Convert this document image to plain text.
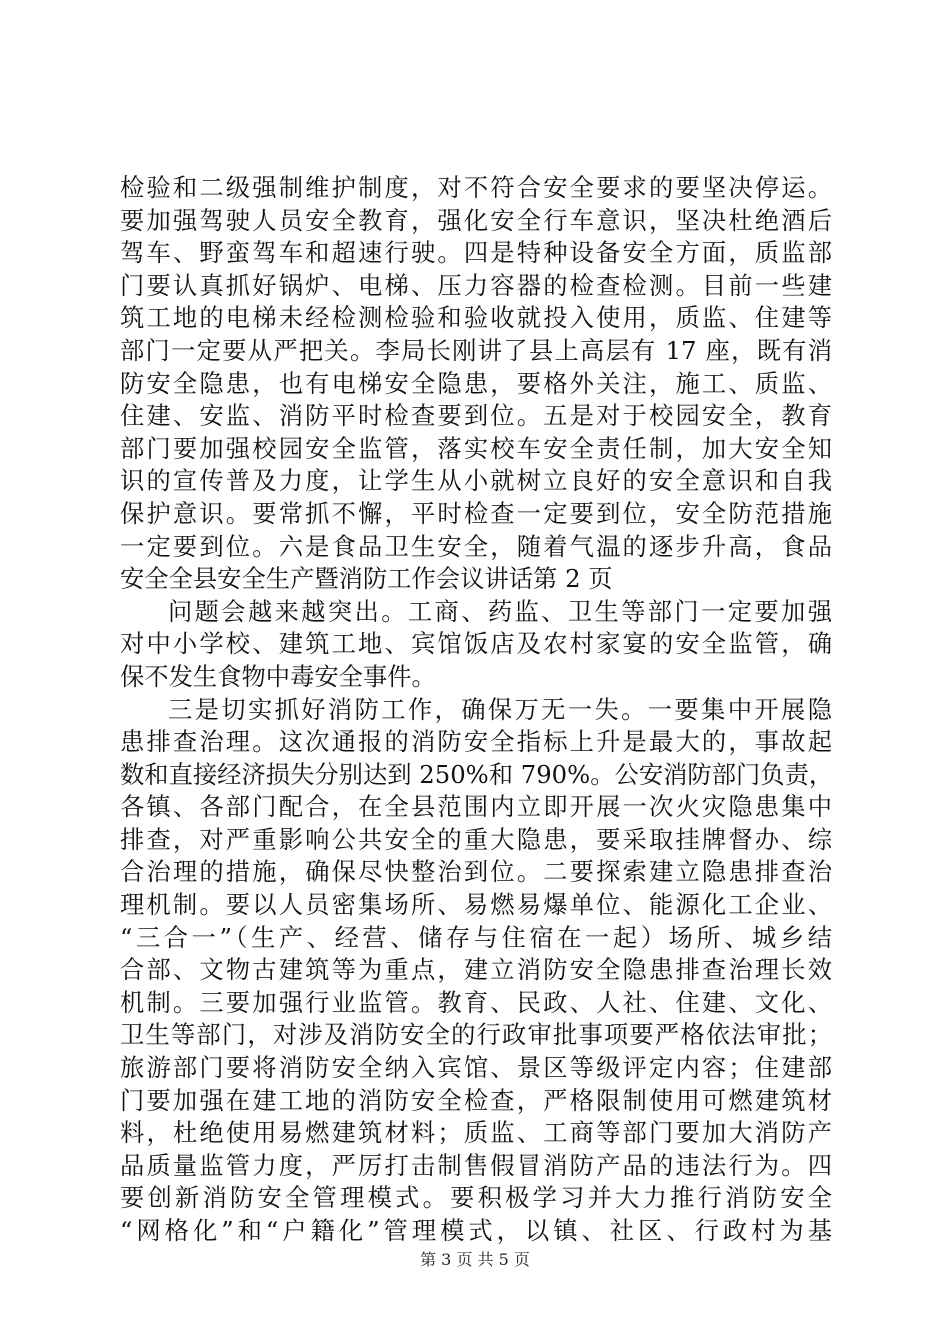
检验和二级强制维护制度，对不符合安全要求的要坚决停运。
要加强驾驶人员安全教育，强化安全行车意识，坚决杜绝酒后
驾车、野蛮驾车和超速行驶。四是特种设备安全方面，质监部
门要认真抓好锅炉、电梯、压力容器的检查检测。目前一些建
筑工地的电梯未经检测检验和验收就投入使用，质监、住建等
部门一定要从严把关。李局长刚讲了县上高层有 17 座，既有消
防安全隐患，也有电梯安全隐患，要格外关注，施工、质监、
住建、安监、消防平时检查要到位。五是对于校园安全，教育
部门要加强校园安全监管，落实校车安全责任制，加大安全知
识的宣传普及力度，让学生从小就树立良好的安全意识和自我
保护意识。要常抓不懈，平时检查一定要到位，安全防范措施
一定要到位。六是食品卫生安全，随着气温的逐步升高，食品
安全全县安全生产暨消防工作会议讲话第 2 页
问题会越来越突出。工商、药监、卫生等部门一定要加强
对中小学校、建筑工地、宾馆饭店及农村家宴的安全监管，确
保不发生食物中毒安全事件。
三是切实抓好消防工作，确保万无一失。一要集中开展隐
患排查治理。这次通报的消防安全指标上升是最大的，事故起
数和直接经济损失分别达到 250%和 790%。公安消防部门负责，
各镇、各部门配合，在全县范围内立即开展一次火灾隐患集中
排查，对严重影响公共安全的重大隐患，要采取挂牌督办、综
合治理的措施，确保尽快整治到位。二要探索建立隐患排查治
理机制。要以人员密集场所、易燃易爆单位、能源化工企业、
“三合一”（生产、经营、储存与住宿在一起）场所、城乡结
合部、文物古建筑等为重点，建立消防安全隐患排查治理长效
机制。三要加强行业监管。教育、民政、人社、住建、文化、
卫生等部门，对涉及消防安全的行政审批事项要严格依法审批；
旅游部门要将消防安全纳入宾馆、景区等级评定内容；住建部
门要加强在建工地的消防安全检查，严格限制使用可燃建筑材
料，杜绝使用易燃建筑材料；质监、工商等部门要加大消防产
品质量监管力度，严厉打击制售假冒消防产品的违法行为。四
要创新消防安全管理模式。要积极学习并大力推行消防安全
“网格化”和“户籍化”管理模式，以镇、社区、行政村为基
第 3 页 共 5 页
